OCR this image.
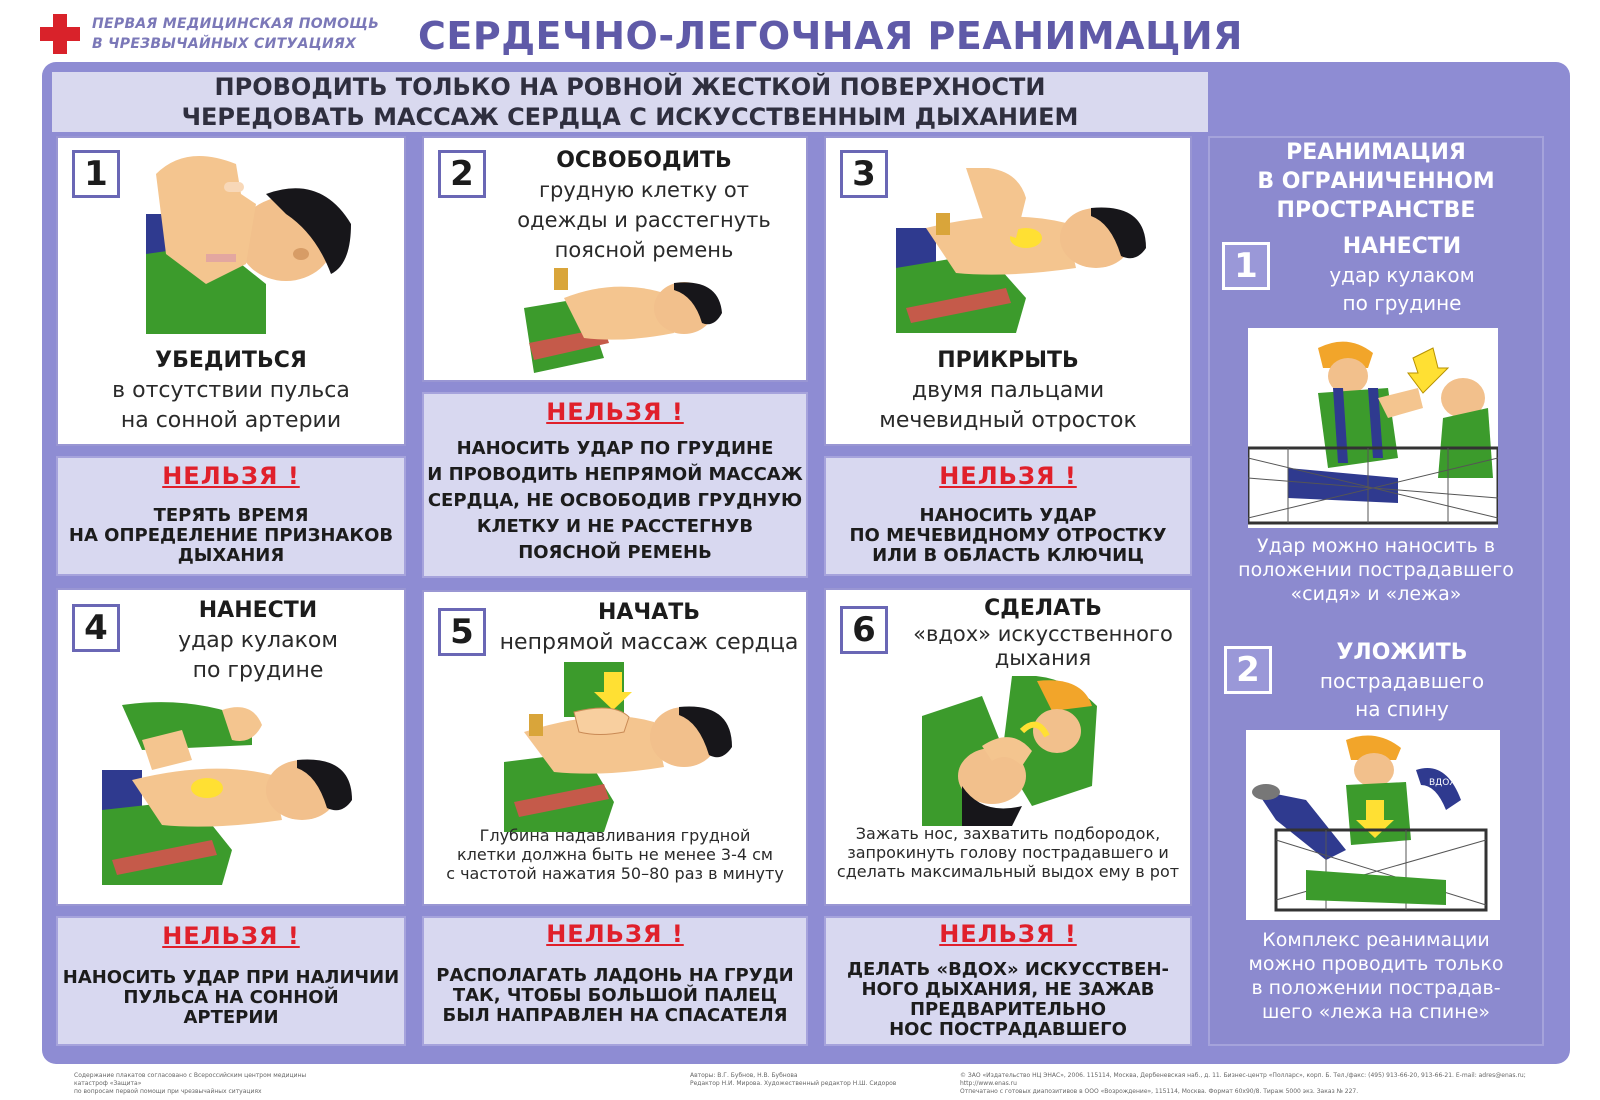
ПЕРВАЯ МЕДИЦИНСКАЯ ПОМОЩЬ
В ЧРЕЗВЫЧАЙНЫХ СИТУАЦИЯХ	СЕРДЕЧНО-ЛЕГОЧНАЯ РЕАНИМАЦИЯ
ПРОВОДИТЬ ТОЛЬКО НА РОВНОЙ ЖЕСТКОЙ ПОВЕРХНОСТИ
ЧЕРЕДОВАТЬ МАССАЖ СЕРДЦА С ИСКУССТВЕННЫМ ДЫХАНИЕМ
1
УБЕДИТЬСЯ
в отсутствии пульса
на сонной артерии
НЕЛЬЗЯ !
ТЕРЯТЬ ВРЕМЯ
НА ОПРЕДЕЛЕНИЕ ПРИЗНАКОВ
ДЫХАНИЯ
2	ОСВОБОДИТЬ
грудную клетку от
одежды и расстегнуть
поясной ремень
НЕЛЬЗЯ !
НАНОСИТЬ УДАР ПО ГРУДИНЕ
И ПРОВОДИТЬ НЕПРЯМОЙ МАССАЖ
СЕРДЦА, НЕ ОСВОБОДИВ ГРУДНУЮ
КЛЕТКУ И НЕ РАССТЕГНУВ
ПОЯСНОЙ РЕМЕНЬ
3
ПРИКРЫТЬ
двумя пальцами
мечевидный отросток
НЕЛЬЗЯ !
НАНОСИТЬ УДАР
ПО МЕЧЕВИДНОМУ ОТРОСТКУ
ИЛИ В ОБЛАСТЬ КЛЮЧИЦ
4	НАНЕСТИ
удар кулаком
по грудине
НЕЛЬЗЯ !
НАНОСИТЬ УДАР ПРИ НАЛИЧИИ
ПУЛЬСА НА СОННОЙ
АРТЕРИИ
5	НАЧАТЬ
непрямой массаж сердца
Глубина надавливания грудной
клетки должна быть не менее 3-4 см
с частотой нажатия 50–80 раз в минуту
НЕЛЬЗЯ !
РАСПОЛАГАТЬ ЛАДОНЬ НА ГРУДИ
ТАК, ЧТОБЫ БОЛЬШОЙ ПАЛЕЦ
БЫЛ НАПРАВЛЕН НА СПАСАТЕЛЯ
6
СДЕЛАТЬ
«вдох» искусственного
дыхания
Зажать нос, захватить подбородок,
запрокинуть голову пострадавшего и
сделать максимальный выдох ему в рот
НЕЛЬЗЯ !
ДЕЛАТЬ «ВДОХ» ИСКУССТВЕН-
НОГО ДЫХАНИЯ, НЕ ЗАЖАВ
ПРЕДВАРИТЕЛЬНО
НОС ПОСТРАДАВШЕГО
РЕАНИМАЦИЯ
В ОГРАНИЧЕННОМ
ПРОСТРАНСТВЕ
1	НАНЕСТИ
удар кулаком
по грудине
Удар можно наносить в
положении пострадавшего
«сидя» и «лежа»
2	УЛОЖИТЬ
пострадавшего
на спину
ВДОХ
Комплекс реанимации
можно проводить только
в положении пострадав-
шего «лежа на спине»
Содержание плакатов согласовано с Всероссийским центром медицины катастроф «Защита»
по вопросам первой помощи при чрезвычайных ситуациях
Авторы: В.Г. Бубнов, Н.В. Бубнова
Редактор Н.И. Мирова. Художественный редактор Н.Ш. Сидоров
© ЗАО «Издательство НЦ ЭНАС», 2006. 115114, Москва, Дербеневская наб., д. 11. Бизнес-центр «Полларс», корп. Б. Тел./факс: (495) 913-66-20, 913-66-21. E-mail: adres@enas.ru; http://www.enas.ru
Отпечатано с готовых диапозитивов в ООО «Возрождение», 115114, Москва. Формат 60х90/8. Тираж 5000 экз. Заказ № 227.
